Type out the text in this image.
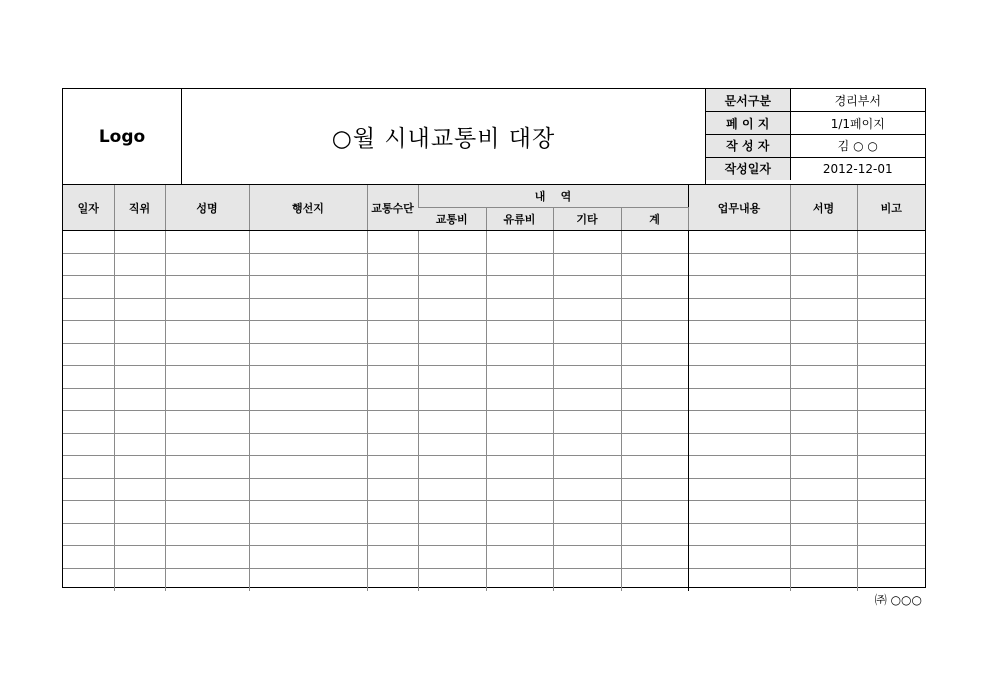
Logo	○월 시내교통비 대장
문서구분	경리부서
페 이 지	1/1페이지
작 성 자	김 ○ ○
작성일자	2012-12-01
일자	직위	성명	행선지	교통수단	내    역				업무내용	서명	비고
					교통비	유류비	기타	계			

㈜ ○○○
